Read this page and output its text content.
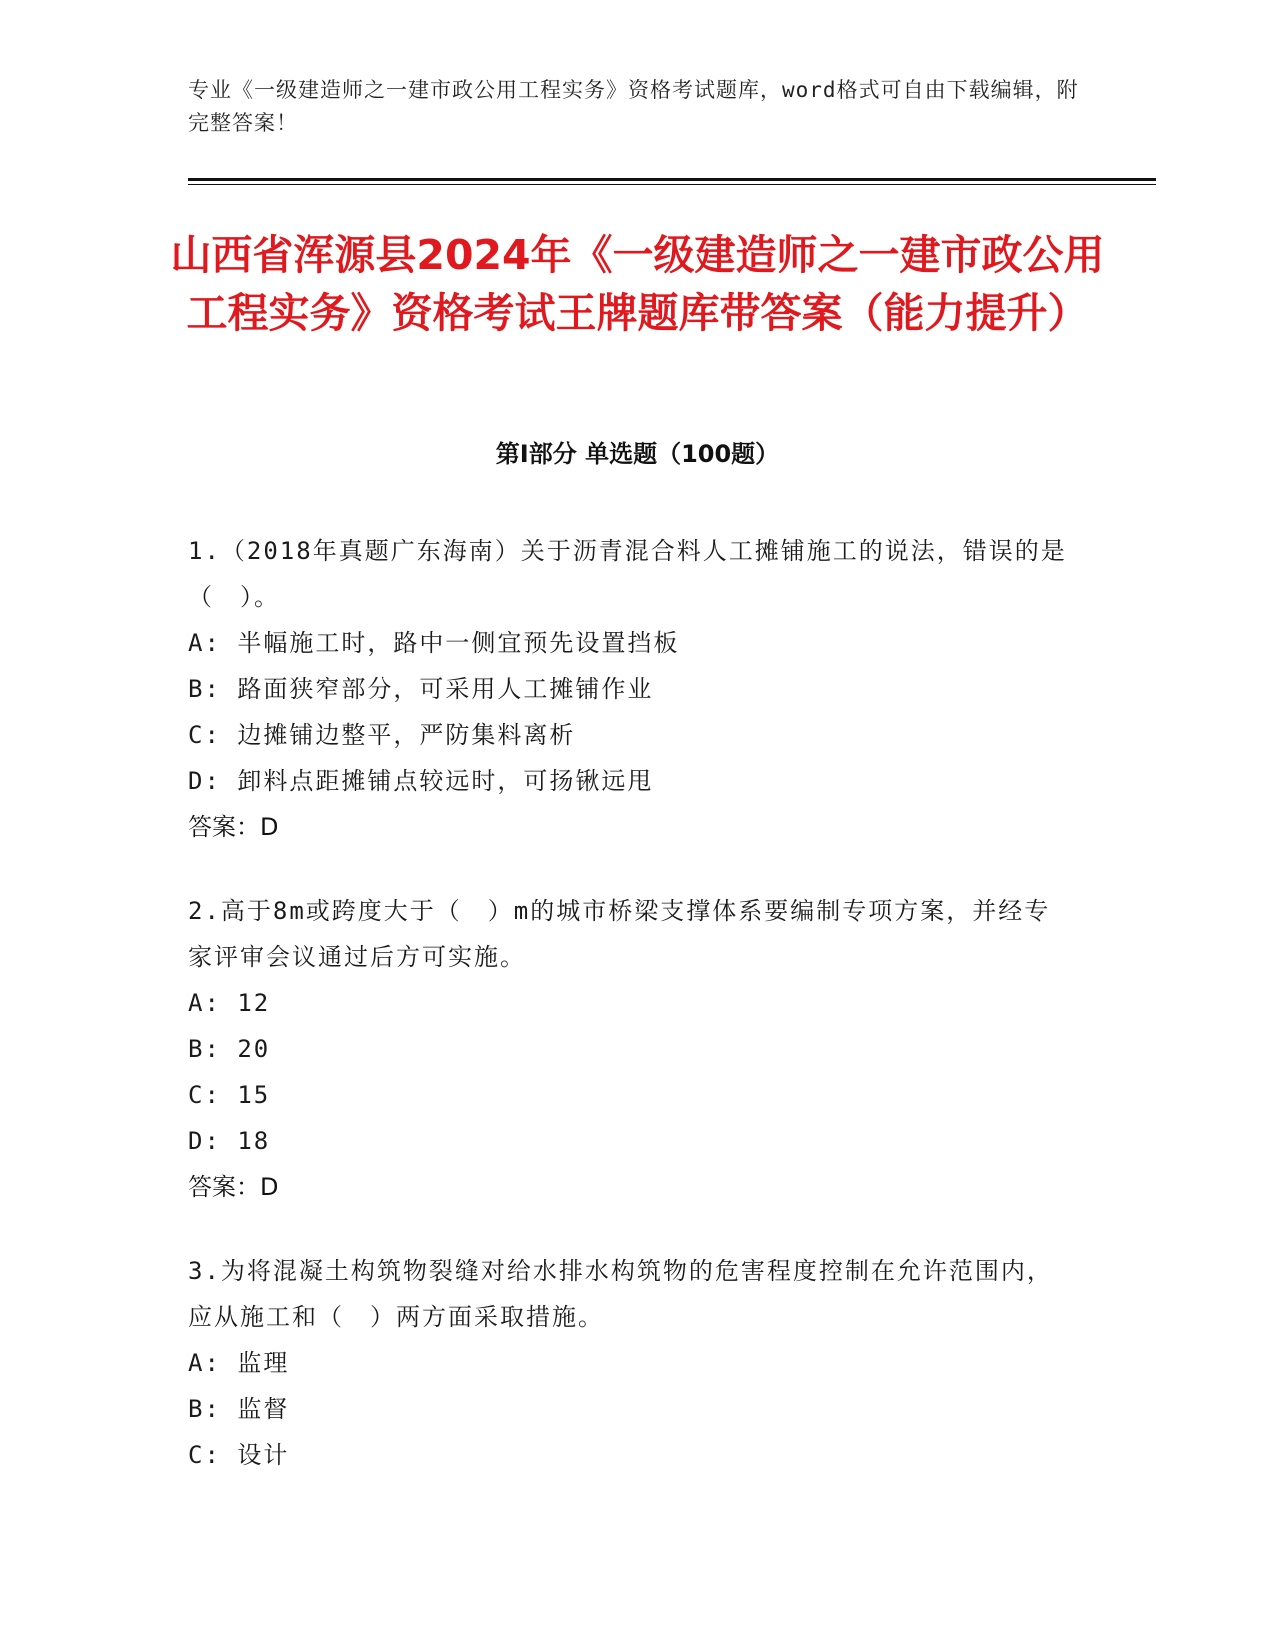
专业《一级建造师之一建市政公用工程实务》资格考试题库，word格式可自由下载编辑，附完整答案！
山西省浑源县2024年《一级建造师之一建市政公用工程实务》资格考试王牌题库带答案（能力提升）
第Ⅰ部分 单选题（100题）
1.（2018年真题广东海南）关于沥青混合料人工摊铺施工的说法，错误的是（　）。
A: 半幅施工时，路中一侧宜预先设置挡板
B: 路面狭窄部分，可采用人工摊铺作业
C: 边摊铺边整平，严防集料离析
D: 卸料点距摊铺点较远时，可扬锹远甩
答案：D
2.高于8m或跨度大于（　）m的城市桥梁支撑体系要编制专项方案，并经专家评审会议通过后方可实施。
A: 12
B: 20
C: 15
D: 18
答案：D
3.为将混凝土构筑物裂缝对给水排水构筑物的危害程度控制在允许范围内，应从施工和（　）两方面采取措施。
A: 监理
B: 监督
C: 设计
